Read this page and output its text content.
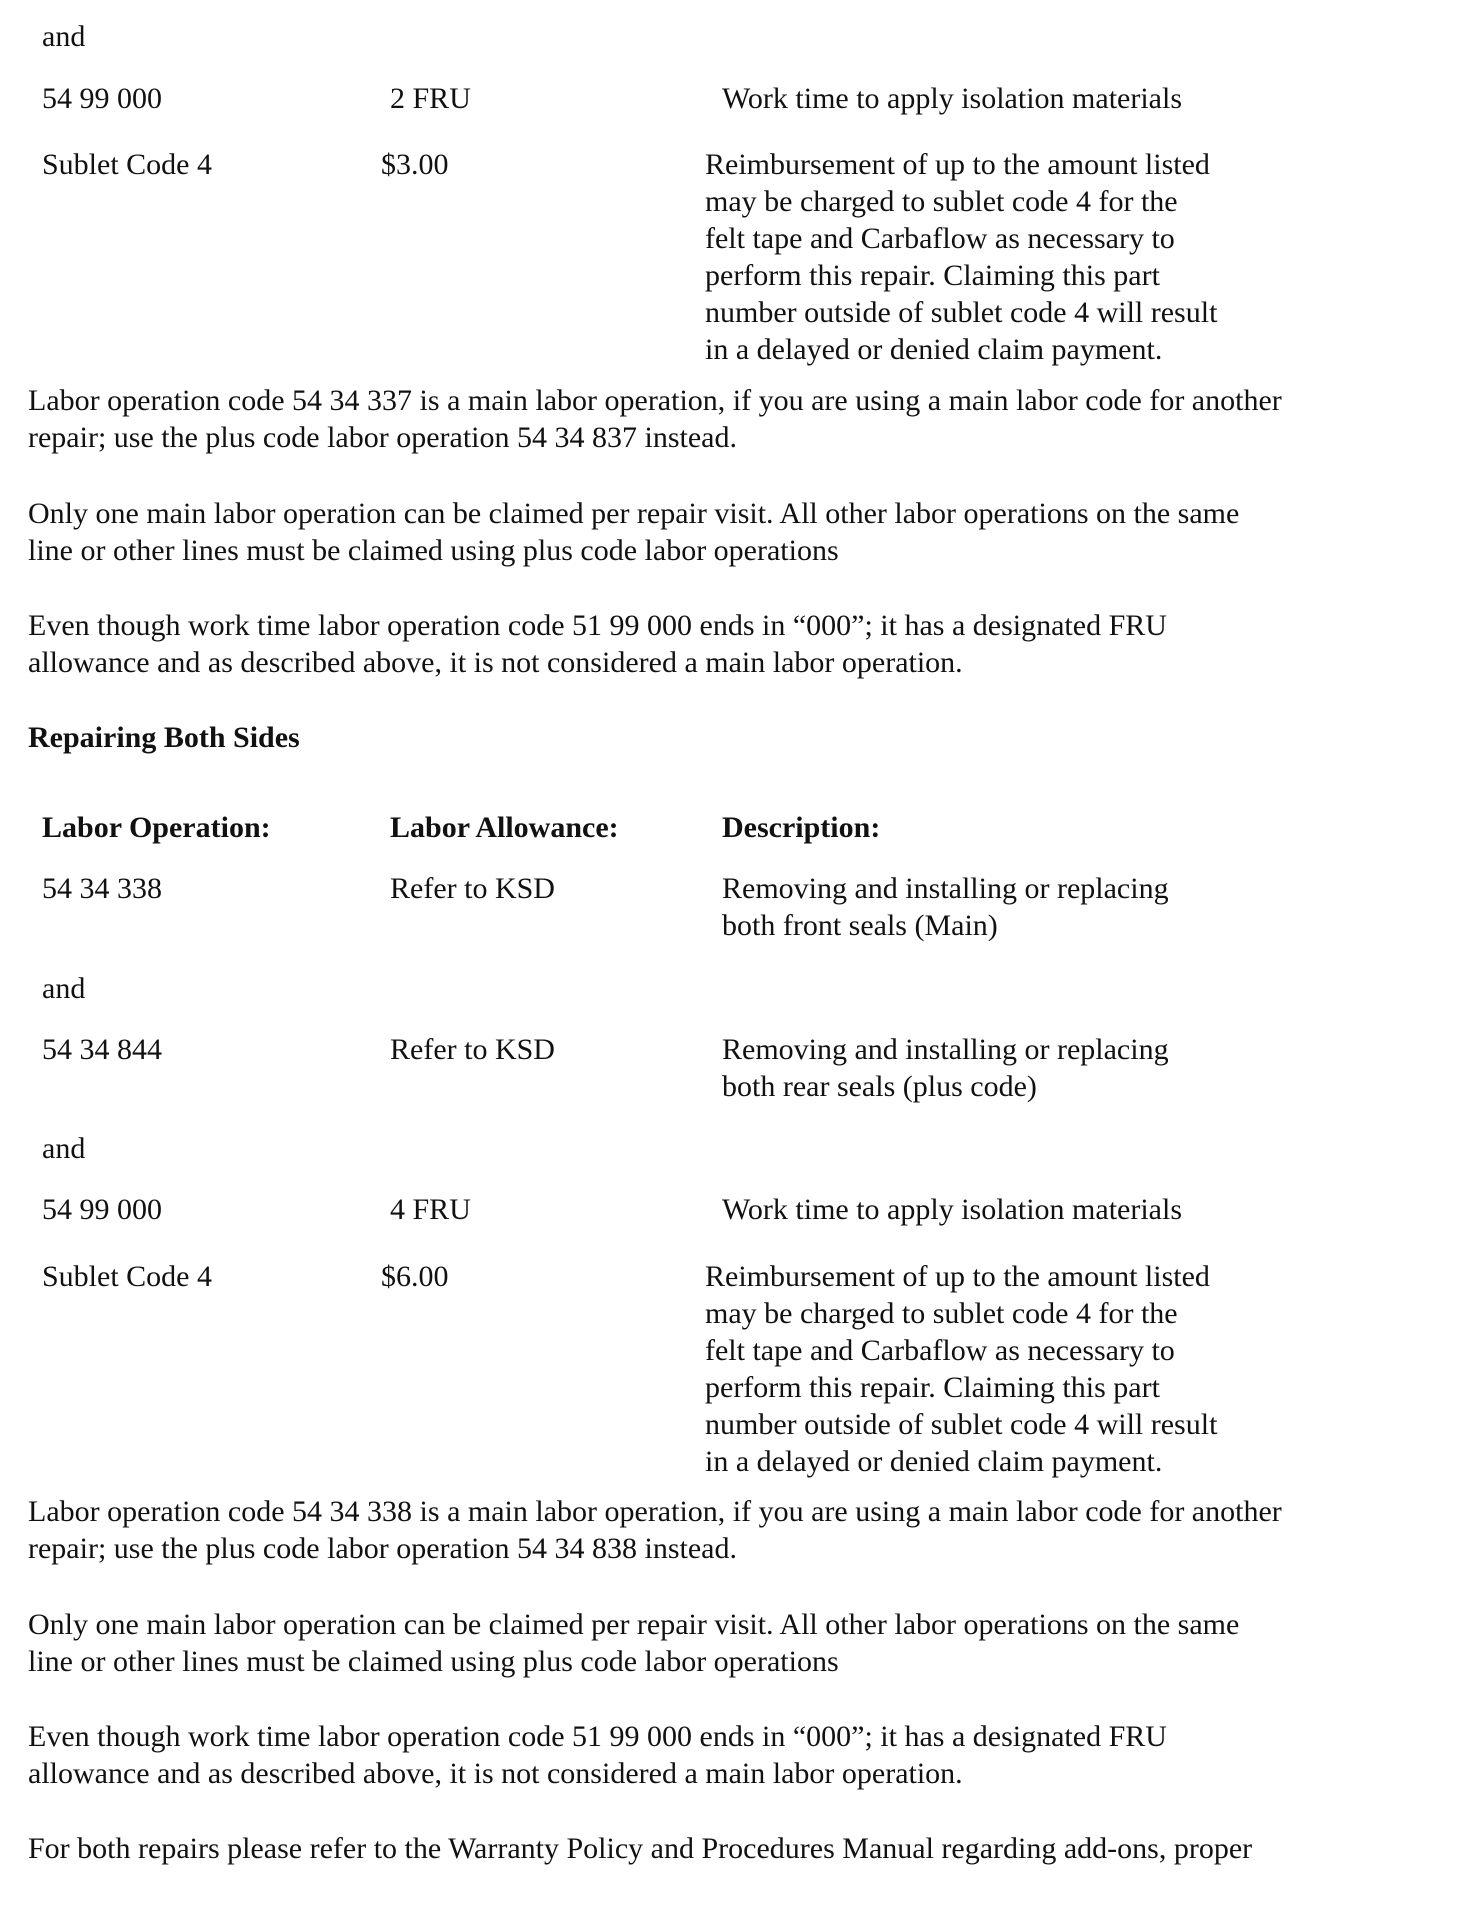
and
54 99 000	2 FRU	Work time to apply isolation materials
Sublet Code 4	$3.00	Reimbursement of up to the amount listed
may be charged to sublet code 4 for the
felt tape and Carbaflow as necessary to
perform this repair. Claiming this part
number outside of sublet code 4 will result
in a delayed or denied claim payment.
Labor operation code 54 34 337 is a main labor operation, if you are using a main labor code for another
repair; use the plus code labor operation 54 34 837 instead.
Only one main labor operation can be claimed per repair visit. All other labor operations on the same
line or other lines must be claimed using plus code labor operations
Even though work time labor operation code 51 99 000 ends in “000”; it has a designated FRU
allowance and as described above, it is not considered a main labor operation.
Repairing Both Sides
Labor Operation:	Labor Allowance:	Description:
54 34 338	Refer to KSD	Removing and installing or replacing
both front seals (Main)
and
54 34 844	Refer to KSD	Removing and installing or replacing
both rear seals (plus code)
and
54 99 000	4 FRU	Work time to apply isolation materials
Sublet Code 4	$6.00	Reimbursement of up to the amount listed
may be charged to sublet code 4 for the
felt tape and Carbaflow as necessary to
perform this repair. Claiming this part
number outside of sublet code 4 will result
in a delayed or denied claim payment.
Labor operation code 54 34 338 is a main labor operation, if you are using a main labor code for another
repair; use the plus code labor operation 54 34 838 instead.
Only one main labor operation can be claimed per repair visit. All other labor operations on the same
line or other lines must be claimed using plus code labor operations
Even though work time labor operation code 51 99 000 ends in “000”; it has a designated FRU
allowance and as described above, it is not considered a main labor operation.
For both repairs please refer to the Warranty Policy and Procedures Manual regarding add-ons, proper
